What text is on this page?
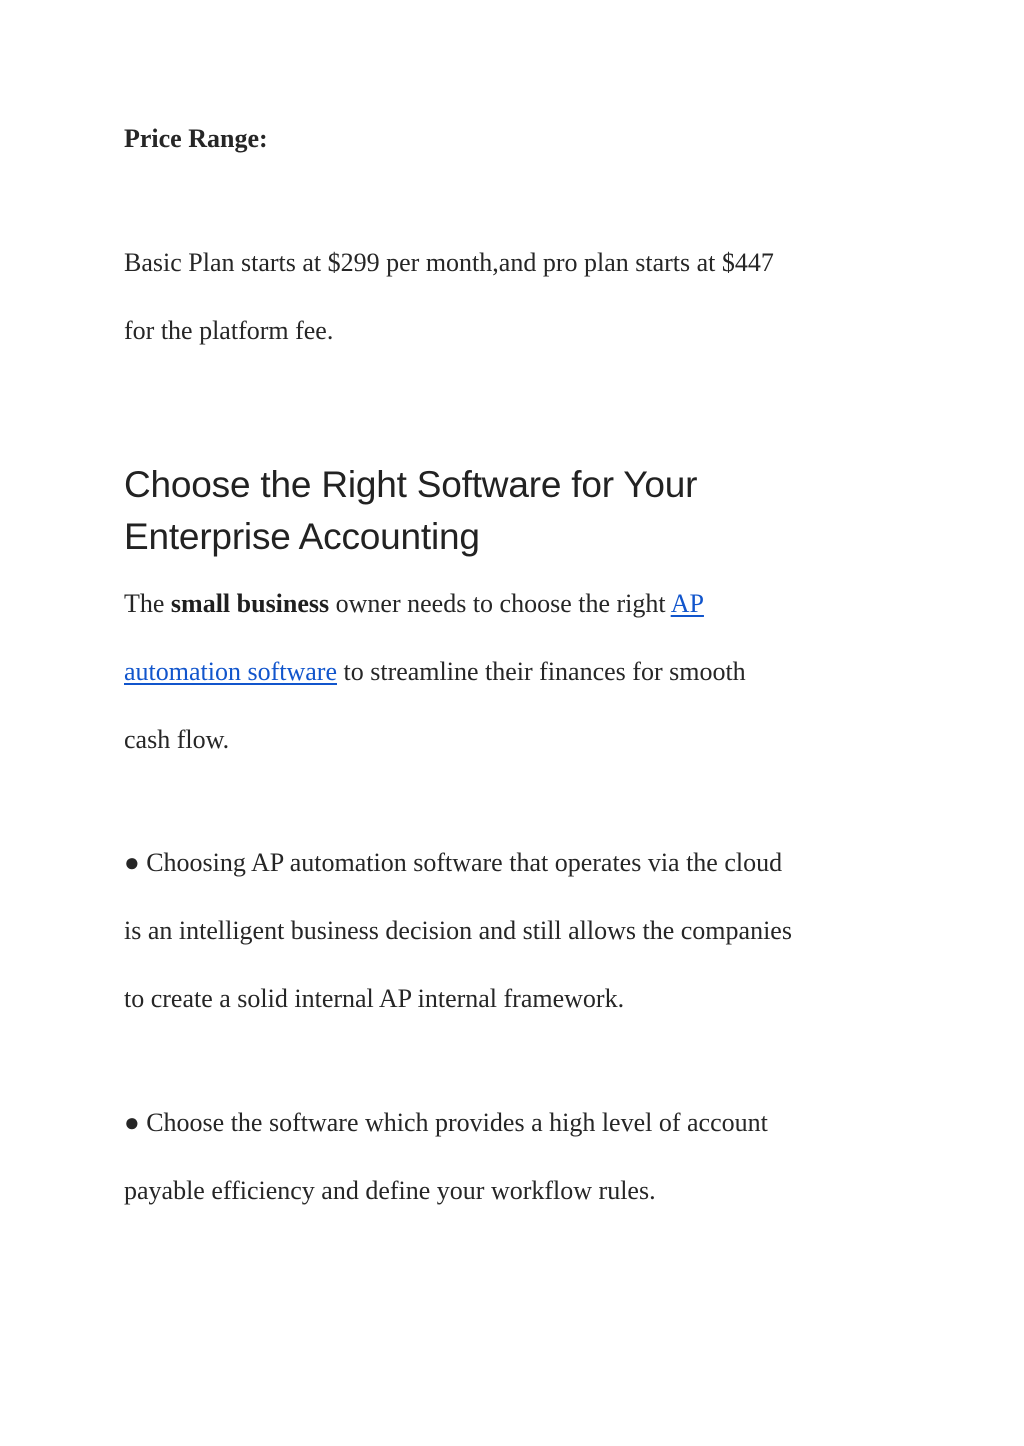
Price Range:
Basic Plan starts at $299 per month,and pro plan starts at $447
for the platform fee.
Choose the Right Software for Your
Enterprise Accounting
The small business owner needs to choose the right AP
automation software to streamline their finances for smooth
cash flow.
● Choosing AP automation software that operates via the cloud
is an intelligent business decision and still allows the companies
to create a solid internal AP internal framework.
● Choose the software which provides a high level of account
payable efficiency and define your workflow rules.
